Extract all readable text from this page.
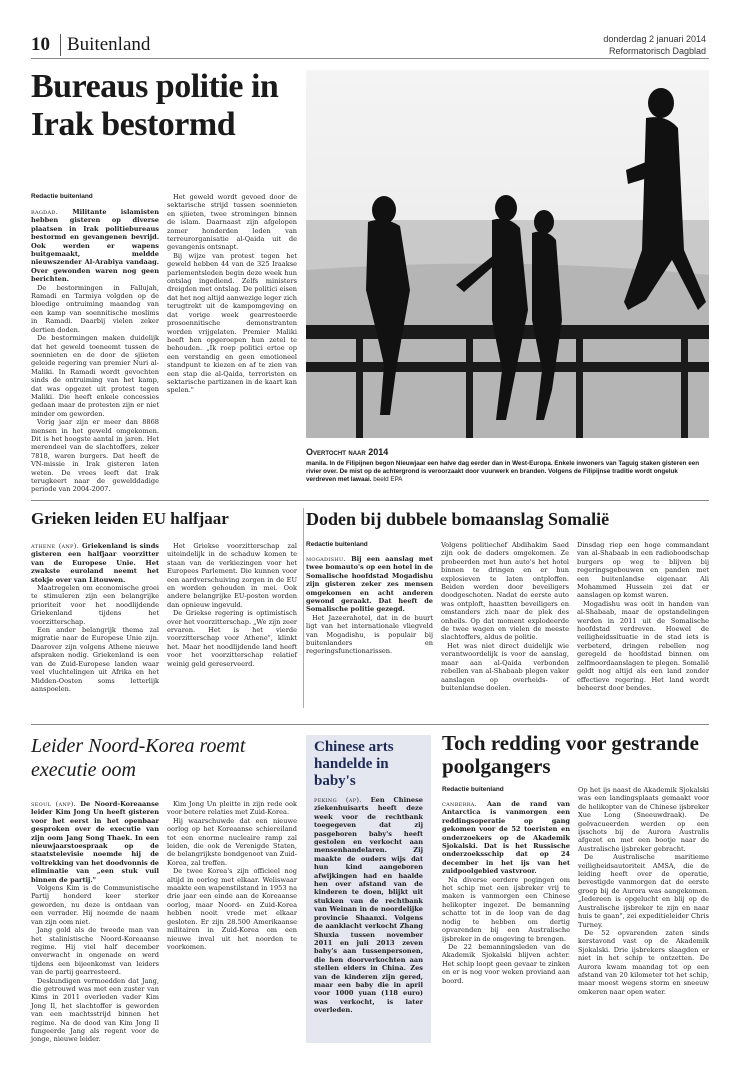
10 Buitenland	donderdag 2 januari 2014
Reformatorisch Dagblad
Bureaus politie in Irak bestormd
Redactie buitenland

bagdad. Militante islamisten hebben gisteren op diverse plaatsen in Irak politiebureaus bestormd en gevangenen bevrijd. Ook werden er wapens buitgemaakt, meldde nieuwszender Al-Arabiya vandaag. Over gewonden waren nog geen berichten.

De bestormingen in Fallujah, Ramadi en Tarmiya volgden op de bloedige ontruiming maandag van een kamp van soennitische moslims in Ramadi. Daarbij vielen zeker dertien doden.

De bestormingen maken duidelijk dat het geweld toeneemt tussen de soennieten en de door de sjiieten geleide regering van premier Nuri al-Maliki. In Ramadi wordt gevochten sinds de ontruiming van het kamp, dat was opgezet uit protest tegen Maliki. Die heeft enkele concessies gedaan maar de protesten zijn er niet minder om geworden.

Vorig jaar zijn er meer dan 8868 mensen in het geweld omgekomen. Dit is het hoogste aantal in jaren. Het merendeel van de slachtoffers, zeker 7818, waren burgers. Dat heeft de VN-missie in Irak gisteren laten weten. De vrees leeft dat Irak terugkeert naar de gewelddadige periode van 2004-2007.

Het geweld wordt gevoed door de sektarische strijd tussen soennieten en sjiieten, twee stromingen binnen de islam. Daarnaast zijn afgelopen zomer honderden leden van terreurorganisatie al-Qaida uit de gevangenis ontsnapt.

Bij wijze van protest tegen het geweld hebben 44 van de 325 Iraakse parlementsleden begin deze week hun ontslag ingediend. Zelfs ministers dreigden met ontslag. De politici eisen dat het nog altijd aanwezige leger zich terugtrekt uit de kampomgeving en dat vorige week gearresteerde prosoennitische demonstranten worden vrijgelaten. Premier Maliki heeft hen opgeroepen hun zetel te behouden. „Ik roep politici ertoe op een verstandig en geen emotioneel standpunt te kiezen en af te zien van een stap die al-Qaida, terroristen en sektarische partizanen in de kaart kan spelen."

Overtocht naar 2014
manila. In de Filipijnen begon Nieuwjaar een halve dag eerder dan in West-Europa. Enkele inwoners van Taguig staken gisteren een rivier over. De mist op de achtergrond is veroorzaakt door vuurwerk en branden. Volgens de Filipijnse traditie wordt ongeluk verdreven met lawaai. beeld EPA
Grieken leiden EU halfjaar

athene (anp). Griekenland is sinds gisteren een halfjaar voorzitter van de Europese Unie. Het zwakste euroland neemt het stokje over van Litouwen.

Maatregelen om economische groei te stimuleren zijn een belangrijke prioriteit voor het noodlijdende Griekenland tijdens het voorzitterschap.

Een ander belangrijk thema zal migratie naar de Europese Unie zijn. Daarover zijn volgens Athene nieuwe afspraken nodig. Griekenland is een van de Zuid-Europese landen waar veel vluchtelingen uit Afrika en het Midden-Oosten soms letterlijk aanspoelen.

Het Griekse voorzitterschap zal uiteindelijk in de schaduw komen te staan van de verkiezingen voor het Europees Parlement. Die kunnen voor een aardverschuiving zorgen in de EU en worden gehouden in mei. Ook andere belangrijke EU-posten worden dan opnieuw ingevuld.

De Griekse regering is optimistisch over het voorzitterschap. „We zijn zeer ervaren. Het is het vierde voorzitterschap voor Athene", klinkt het. Maar het noodlijdende land heeft voor het voorzitterschap relatief weinig geld gereserveerd.

Doden bij dubbele bomaanslag Somalië
Redactie buitenland

mogadishu. Bij een aanslag met twee bomauto's op een hotel in de Somalische hoofdstad Mogadishu zijn gisteren zeker zes mensen omgekomen en acht anderen gewond geraakt. Dat heeft de Somalische politie gezegd.

Het Jazeerahotel, dat in de buurt ligt van het internationale vliegveld van Mogadishu, is populair bij buitenlanders en regeringsfunctionarissen.

Volgens politiechef Abdihakim Saed zijn ook de daders omgekomen. Ze probeerden met hun auto's het hotel binnen te dringen en er hun explosieven te laten ontploffen. Beiden werden door beveiligers doodgeschoten. Nadat de eerste auto was ontploft, haastten beveiligers en omstanders zich naar de plek des onheils. Op dat moment explodeerde de twee wagen en vielen de meeste slachtoffers, aldus de politie.

Het was niet direct duidelijk wie verantwoordelijk is voor de aanslag, maar aan al-Qaida verbonden rebellen van al-Shabaab plegen vaker aanslagen op overheids- of buitenlandse doelen.

Dinsdag riep een hoge commandant van al-Shabaab in een radioboodschap burgers op weg te blijven bij regeringsgebouwen en panden met een buitenlandse eigenaar. Ali Mohammed Hussein zei dat er aanslagen op komst waren.

Mogadishu was ooit in handen van al-Shabaab, maar de opstandelingen werden in 2011 uit de Somalische hoofdstad verdreven. Hoewel de veiligheidssituatie in de stad iets is verbeterd, dringen rebellen nog geregeld de hoofdstad binnen om zelfmoordaanslagen te plegen. Somalië geldt nog altijd als een land zonder effectieve regering. Het land wordt beheerst door bendes.

Leider Noord-Korea roemt executie oom

seoul (anp). De Noord-Koreaanse leider Kim Jong Un heeft gisteren voor het eerst in het openbaar gesproken over de executie van zijn oom Jang Song Thaek. In een nieuwjaarstoespraak op de staatstelevisie noemde hij de voltrekking van het doodvonnis de eliminatie van „een stuk vuil binnen de partij."

Volgens Kim is de Communistische Partij honderd keer sterker geworden, nu deze is ontdaan van een verrader. Hij noemde de naam van zijn oom niet.

Jang gold als de tweede man van het stalinistische Noord-Koreaanse regime. Hij viel half december onverwacht in ongenade en werd tijdens een bijeenkomst van leiders van de partij gearresteerd.

Deskundigen vermoedden dat Jang, die getrouwd was met een zuster van Kims in 2011 overleden vader Kim Jong Il, het slachtoffer is geworden van een machtsstrijd binnen het regime. Na de dood van Kim Jong Il fungeerde Jang als regent voor de jonge, nieuwe leider.

Kim Jong Un pleitte in zijn rede ook voor betere relaties met Zuid-Korea.

Hij waarschuwde dat een nieuwe oorlog op het Koreaanse schiereiland tot een enorme nucleaire ramp zal leiden, die ook de Verenigde Staten, de belangrijkste bondgenoot van Zuid-Korea, zal treffen.

De twee Korea's zijn officieel nog altijd in oorlog met elkaar. Weliswaar maakte een wapenstilstand in 1953 na drie jaar een einde aan de Koreaanse oorlog, maar Noord- en Zuid-Korea hebben nooit vrede met elkaar gesloten. Er zijn 28.500 Amerikaanse militairen in Zuid-Korea om een nieuwe inval uit het noorden te voorkomen.

Chinese arts handelde in baby's

peking (ap). Een Chinese ziekenhuisarts heeft deze week voor de rechtbank toegegeven dat zij pasgeboren baby's heeft gestolen en verkocht aan mensenhandelaren. Zij maakte de ouders wijs dat hun kind aangeboren afwijkingen had en haalde hen over afstand van de kinderen te doen, blijkt uit stukken van de rechtbank van Weinan in de noordelijke provincie Shaanxi. Volgens de aanklacht verkocht Zhang Shuxia tussen november 2011 en juli 2013 zeven baby's aan tussenpersonen, die hen doorverkochten aan stellen elders in China. Zes van de kinderen zijn gered, maar een baby die in april voor 1000 yuan (118 euro) was verkocht, is later overleden.

Toch redding voor gestrande poolgangers
Redactie buitenland

canberra. Aan de rand van Antarctica is vanmorgen een reddingsoperatie op gang gekomen voor de 52 toeristen en onderzoekers op de Akademik Sjokalski. Dat is het Russische onderzoeksschip dat op 24 december in het ijs van het zuidpoolgebied vastvroor.

Na diverse eerdere pogingen om het schip met een ijsbreker vrij te maken is vanmorgen een Chinese helikopter ingezet. De bemanning schatte tot in de loop van de dag nodig te hebben om dertig opvarenden bij een Australische ijsbreker in de omgeving te brengen.

De 22 bemanningsleden van de Akademik Sjokalski blijven achter. Het schip loopt geen gevaar te zinken en er is nog voor weken proviand aan boord.

Op het ijs naast de Akademik Sjokalski was een landingsplaats gemaakt voor de helikopter van de Chinese ijsbreker Xue Long (Sneeuwdraak). De geëvacueerden werden op een ijsschots bij de Aurora Australis afgezet en met een bootje naar de Australische ijsbreker gebracht.

De Australische maritieme veiligheidsautoriteit AMSA, die de leiding heeft over de operatie, bevestigde vanmorgen dat de eerste groep bij de Aurora was aangekomen. „Iedereen is opgelucht en blij op de Australische ijsbreker te zijn en naar huis te gaan", zei expeditieleider Chris Turney.

De 52 opvarenden zaten sinds kerstavond vast op de Akademik Sjokalski. Drie ijsbrekers slaagden er niet in het schip te ontzetten. De Aurora kwam maandag tot op een afstand van 20 kilometer tot het schip, maar moest wegens storm en sneeuw omkeren naar open water.
